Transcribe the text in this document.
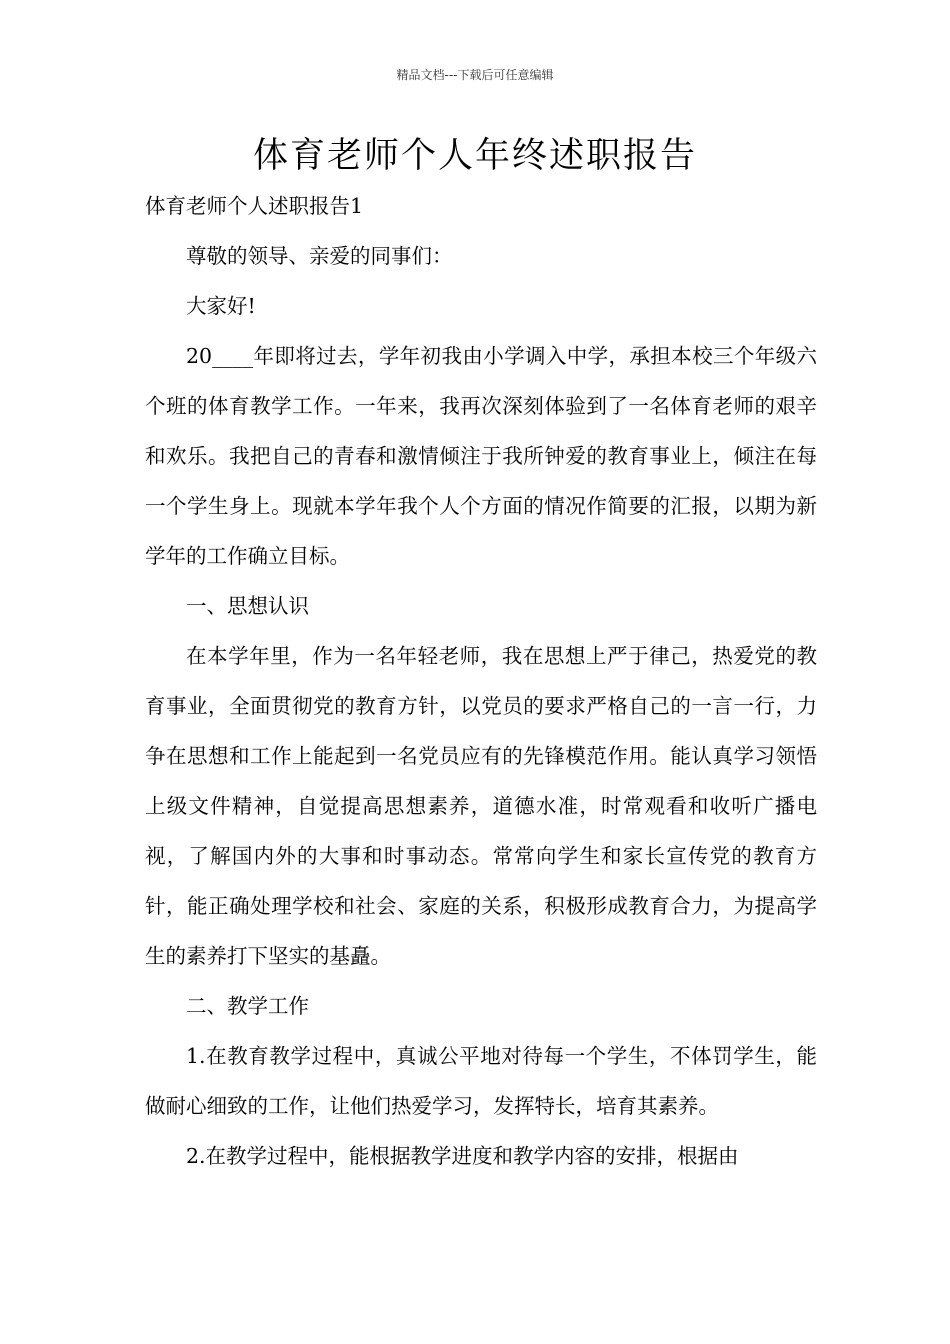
精品文档---下载后可任意编辑
体育老师个人年终述职报告

体育老师个人述职报告1

尊敬的领导、亲爱的同事们：

大家好!

20____年即将过去，学年初我由小学调入中学，承担本校三个年级六个班的体育教学工作。一年来，我再次深刻体验到了一名体育老师的艰辛和欢乐。我把自己的青春和激情倾注于我所钟爱的教育事业上，倾注在每一个学生身上。现就本学年我个人个方面的情况作简要的汇报，以期为新学年的工作确立目标。

一、思想认识

在本学年里，作为一名年轻老师，我在思想上严于律己，热爱党的教育事业，全面贯彻党的教育方针，以党员的要求严格自己的一言一行，力争在思想和工作上能起到一名党员应有的先锋模范作用。能认真学习领悟上级文件精神，自觉提高思想素养，道德水准，时常观看和收听广播电视，了解国内外的大事和时事动态。常常向学生和家长宣传党的教育方针，能正确处理学校和社会、家庭的关系，积极形成教育合力，为提高学生的素养打下坚实的基矗。

二、教学工作

1.在教育教学过程中，真诚公平地对待每一个学生，不体罚学生，能做耐心细致的工作，让他们热爱学习，发挥特长，培育其素养。

2.在教学过程中，能根据教学进度和教学内容的安排，根据由
